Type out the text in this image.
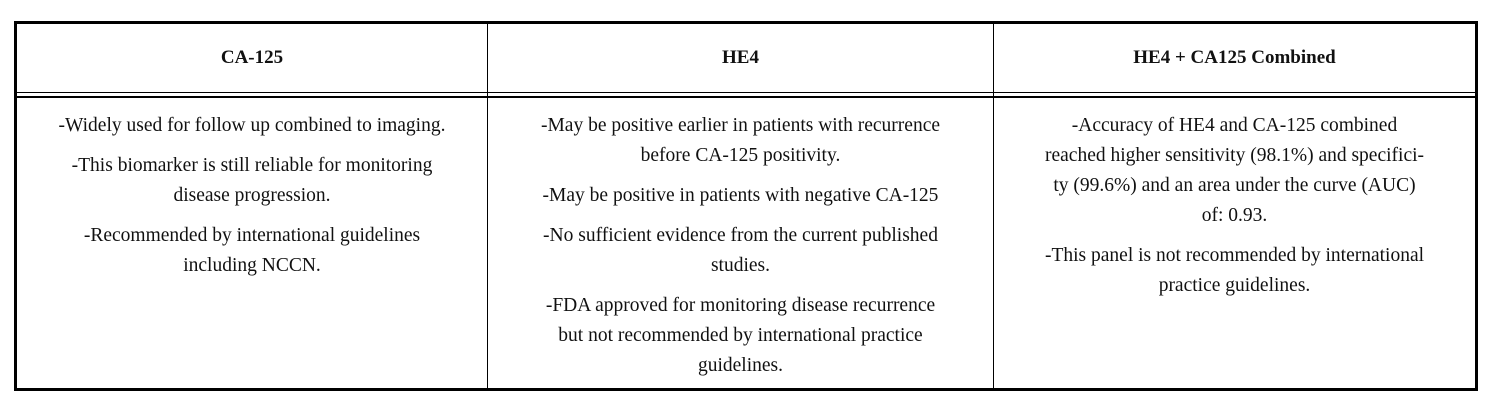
CA-125	HE4	HE4 + CA125 Combined
-Widely used for follow up combined to imaging.
-This biomarker is still reliable for monitoring
disease progression.
-Recommended by international guidelines
including NCCN.
-May be positive earlier in patients with recurrence
before CA-125 positivity.
-May be positive in patients with negative CA-125
-No sufficient evidence from the current published
studies.
-FDA approved for monitoring disease recurrence
but not recommended by international practice
guidelines.
-Accuracy of HE4 and CA-125 combined
reached higher sensitivity (98.1%) and specifici-
ty (99.6%) and an area under the curve (AUC)
of: 0.93.
-This panel is not recommended by international
practice guidelines.
